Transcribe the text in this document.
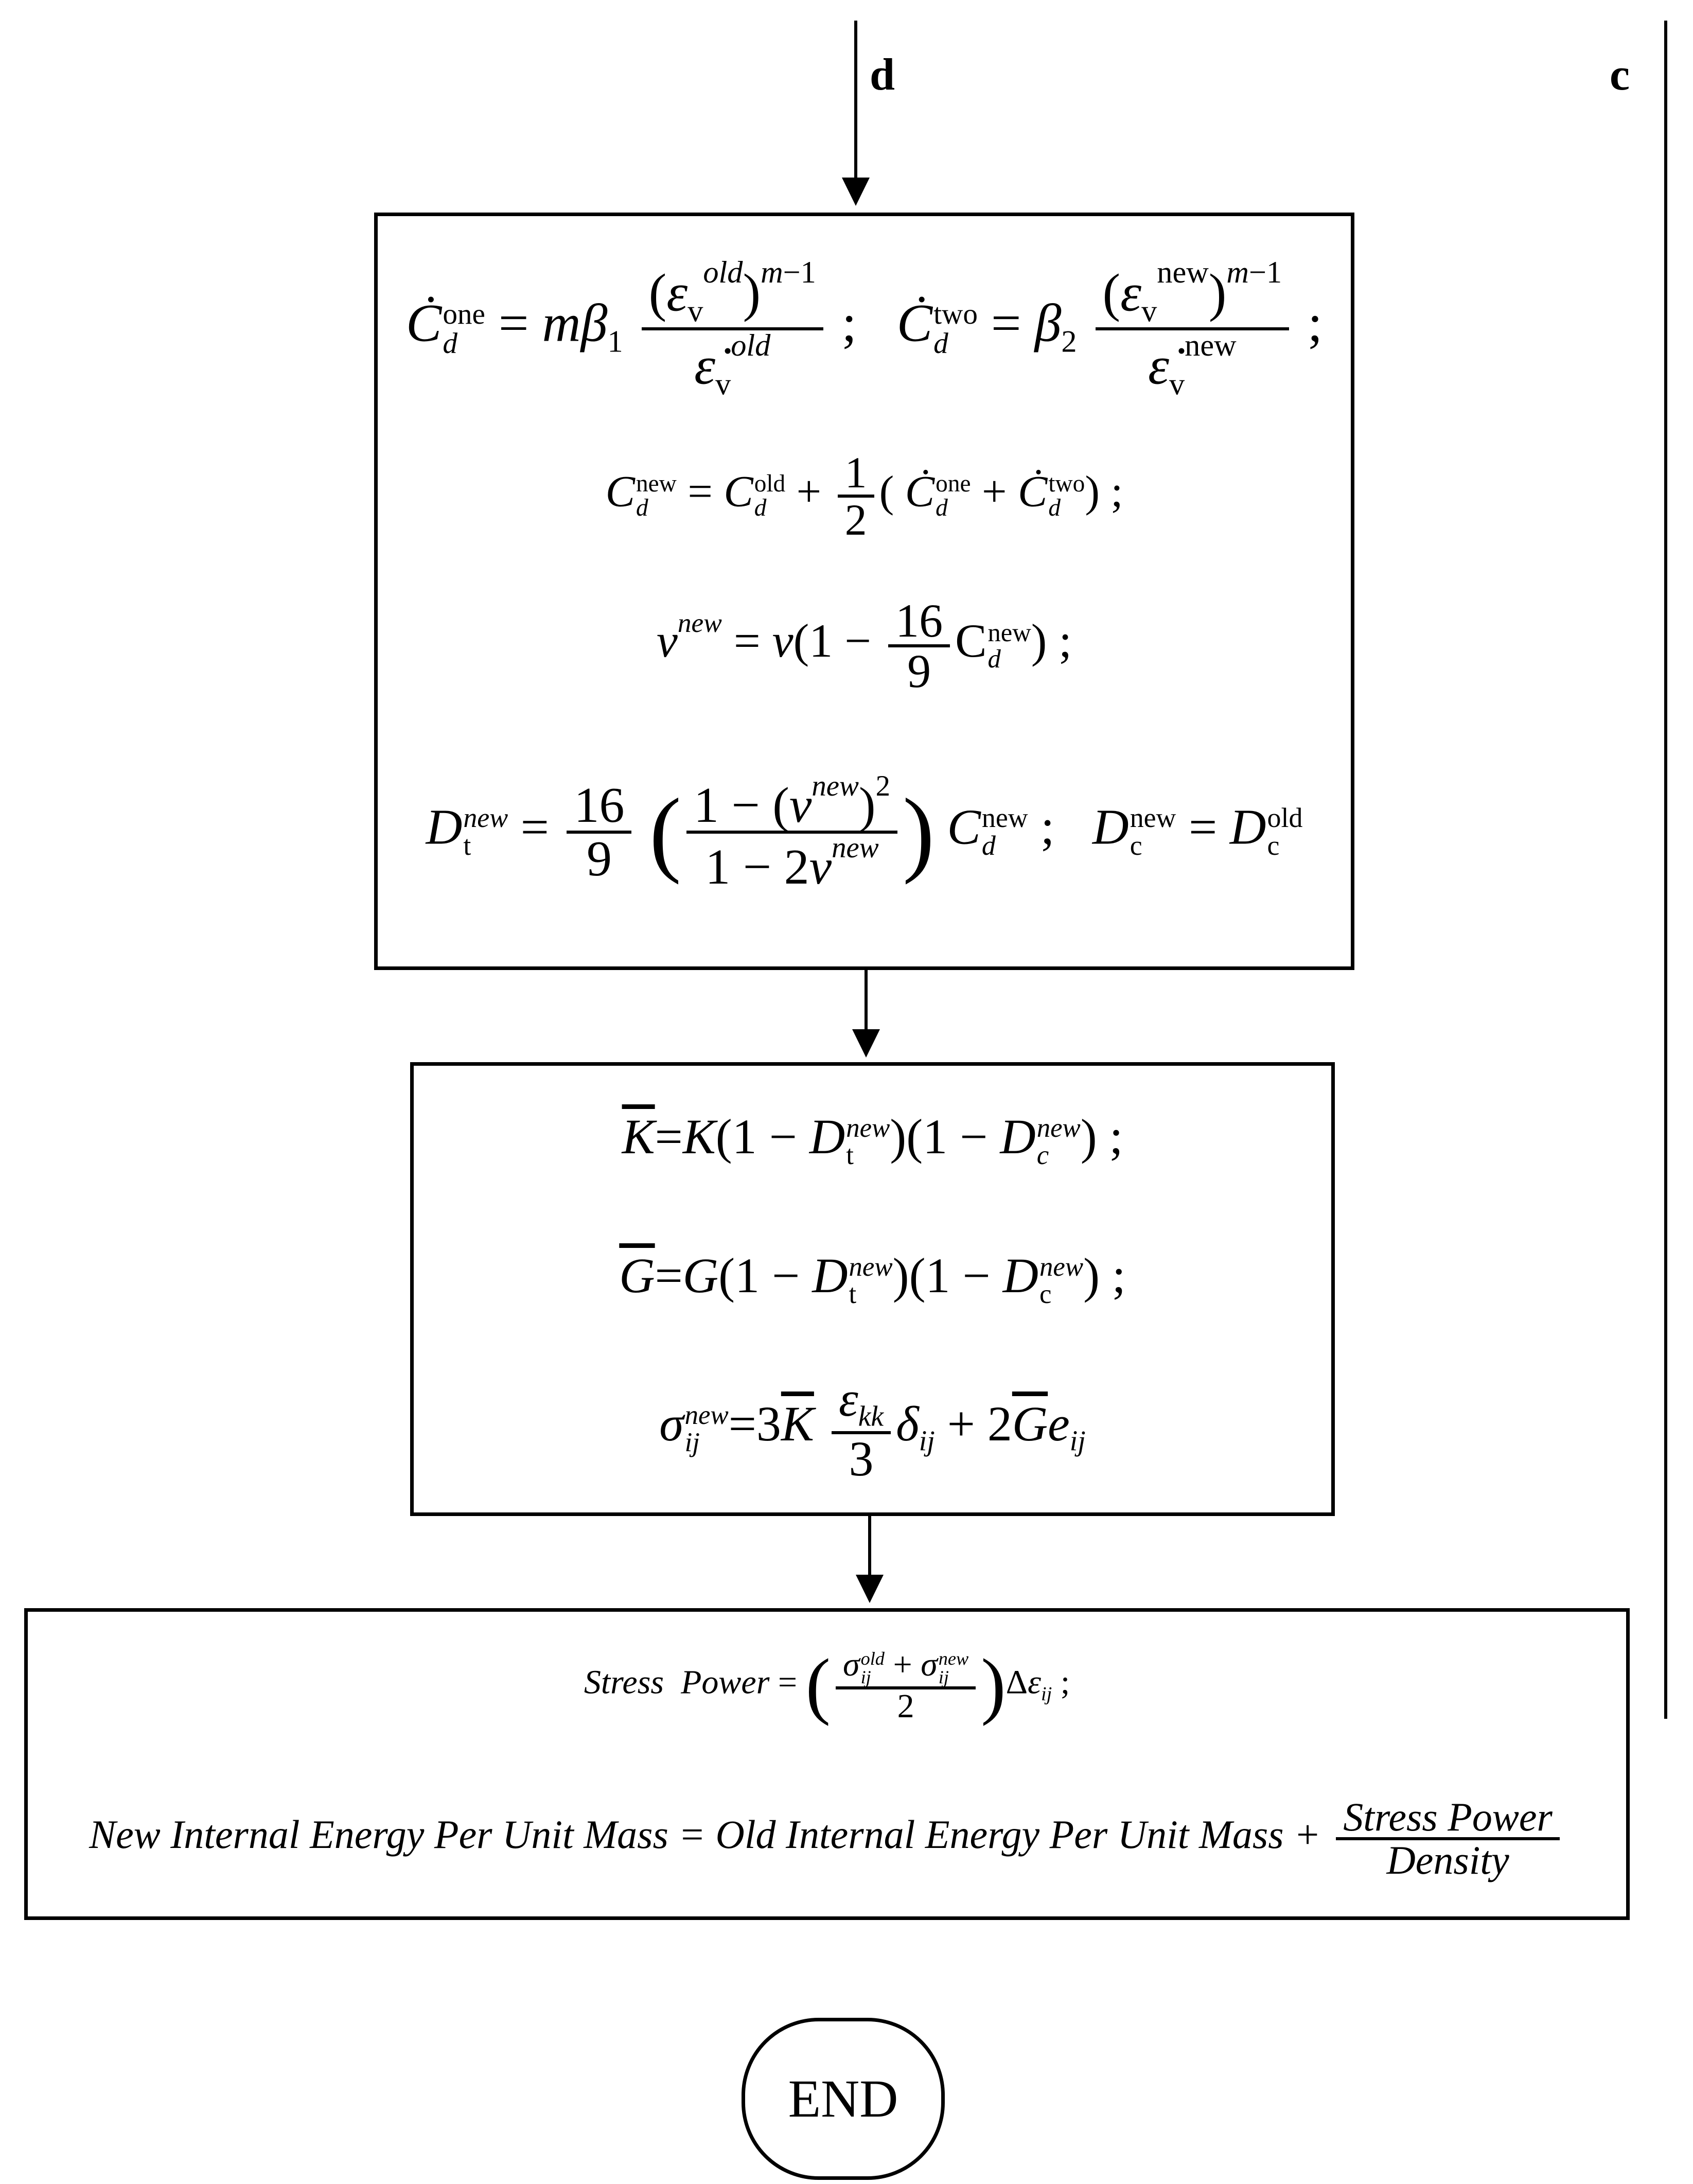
d	c
Ċ one
$d = m\beta_1 \frac{(\varepsilon_v^{old})^{m-1}}{\varepsiloṅ_v^{old}}$ ;   Ċ two
$d = \beta_2 \frac{(\varepsilon_v^{new})^{m-1}}{\varepsiloṅ_v^{new}}$ ;
C new
d = C old
$d + \frac{1}{2}$ ( Ċ one
d + Ċ two
d ) ;
$\nu^{new} = \nu(1 - \frac{16}{9}$ C new
d ) ;
D new
$t = \frac{16}{9}$ ( $\frac{1 - (\nu^{new})^2}{1 - 2\nu^{new}}$ ) C new
d ;   D new
c = D old
c
$\overline{K}=K(1 - D$ new
t )(1 − D new
c ) ;
$\overline{G}=G(1 - D$ new
t )(1 − D new
c ) ;
σ new
ij $=3\overline{K} \frac{\varepsilon_{kk}}{3} \delta_{ij} + 2\overline{G}e_{ij}$
Stress  Power = ( σ old
ij + σ new
ij
2 )$\Delta\varepsilon_{ij}$ ;
New Internal Energy Per Unit Mass = Old Internal Energy Per Unit Mass + $\frac{\text{Stress Power}}{\text{Density}}$
END
